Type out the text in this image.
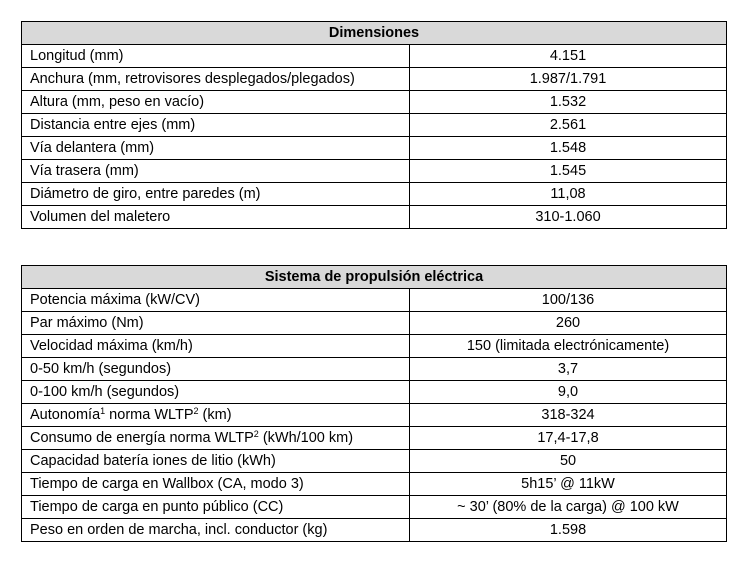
Dimensiones	
Longitud (mm)	4.151
Anchura (mm, retrovisores desplegados/plegados)	1.987/1.791
Altura (mm, peso en vacío)	1.532
Distancia entre ejes (mm)	2.561
Vía delantera (mm)	1.548
Vía trasera (mm)	1.545
Diámetro de giro, entre paredes (m)	11,08
Volumen del maletero	310-1.060
Sistema de propulsión eléctrica	
Potencia máxima (kW/CV)	100/136
Par máximo (Nm)	260
Velocidad máxima (km/h)	150 (limitada electrónicamente)
0-50 km/h (segundos)	3,7
0-100 km/h (segundos)	9,0
Autonomía$^1$ norma WLTP$^2$ (km)	318-324
Consumo de energía norma WLTP$^2$ (kWh/100 km)	17,4-17,8
Capacidad batería iones de litio (kWh)	50
Tiempo de carga en Wallbox (CA, modo 3)	5h15’ @ 11kW
Tiempo de carga en punto público (CC)	~ 30’ (80% de la carga) @ 100 kW
Peso en orden de marcha, incl. conductor (kg)	1.598
